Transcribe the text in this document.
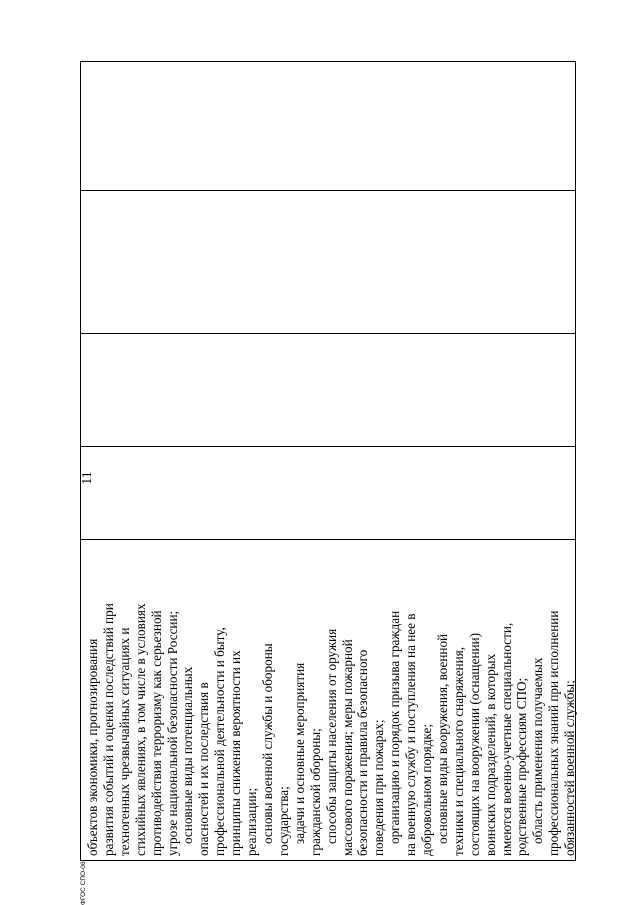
ФГОС СПО-06
объектов экономики, прогнозирования развития событий и оценки последствий при техногенных чрезвычайных ситуациях и стихийных явлениях, в том числе в условиях противодействия терроризму как серьезной угрозе национальной безопасности России; основные виды потенциальных опасностей и их последствия в профессиональной деятельности и быту, принципы снижения вероятности их реализации; основы военной службы и обороны государства; задачи и основные мероприятия гражданской обороны; способы защиты населения от оружия массового поражения; меры пожарной безопасности и правила безопасного поведения при пожарах; организацию и порядок призыва граждан на военную службу и поступления на нее в добровольном порядке; основные виды вооружения, военной техники и специального снаряжения, состоящих на вооружении (оснащении) воинских подразделений, в которых имеются военно-учетные специальности, родственные профессиям СПО; область применения получаемых профессиональных знаний при исполнении обязанностей военной службы;
11
